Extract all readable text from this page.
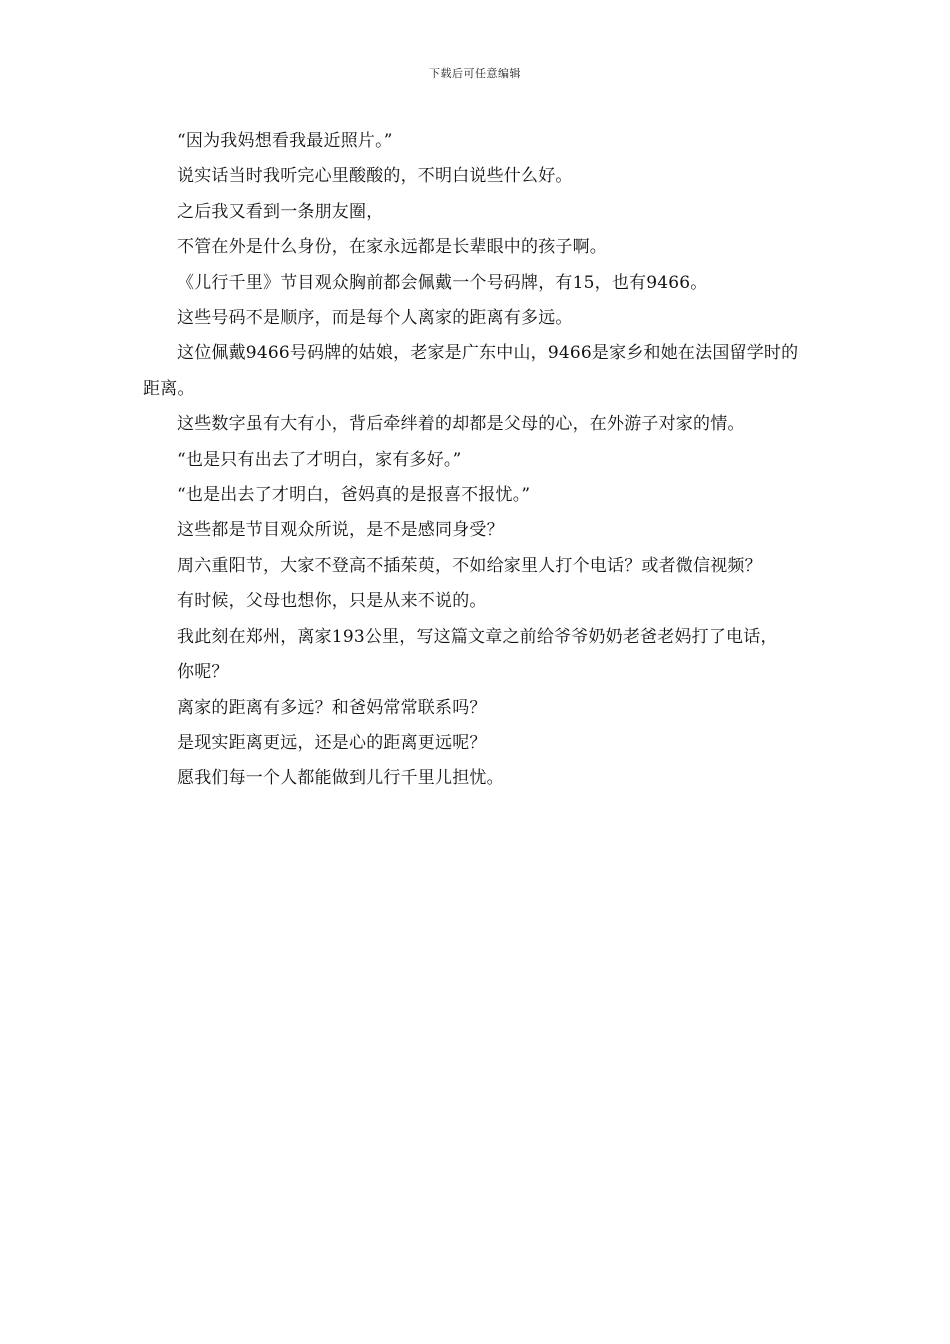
下载后可任意编辑

“因为我妈想看我最近照片。”

说实话当时我听完心里酸酸的，不明白说些什么好。

之后我又看到一条朋友圈，

不管在外是什么身份，在家永远都是长辈眼中的孩子啊。

《儿行千里》节目观众胸前都会佩戴一个号码牌，有15，也有9466。

这些号码不是顺序，而是每个人离家的距离有多远。

这位佩戴9466号码牌的姑娘，老家是广东中山，9466是家乡和她在法国留学时的距离。

这些数字虽有大有小，背后牵绊着的却都是父母的心，在外游子对家的情。

“也是只有出去了才明白，家有多好。”

“也是出去了才明白，爸妈真的是报喜不报忧。”

这些都是节目观众所说，是不是感同身受？

周六重阳节，大家不登高不插茱萸，不如给家里人打个电话？或者微信视频？

有时候，父母也想你，只是从来不说的。

我此刻在郑州，离家193公里，写这篇文章之前给爷爷奶奶老爸老妈打了电话，

你呢？

离家的距离有多远？和爸妈常常联系吗？

是现实距离更远，还是心的距离更远呢？

愿我们每一个人都能做到儿行千里儿担忧。
